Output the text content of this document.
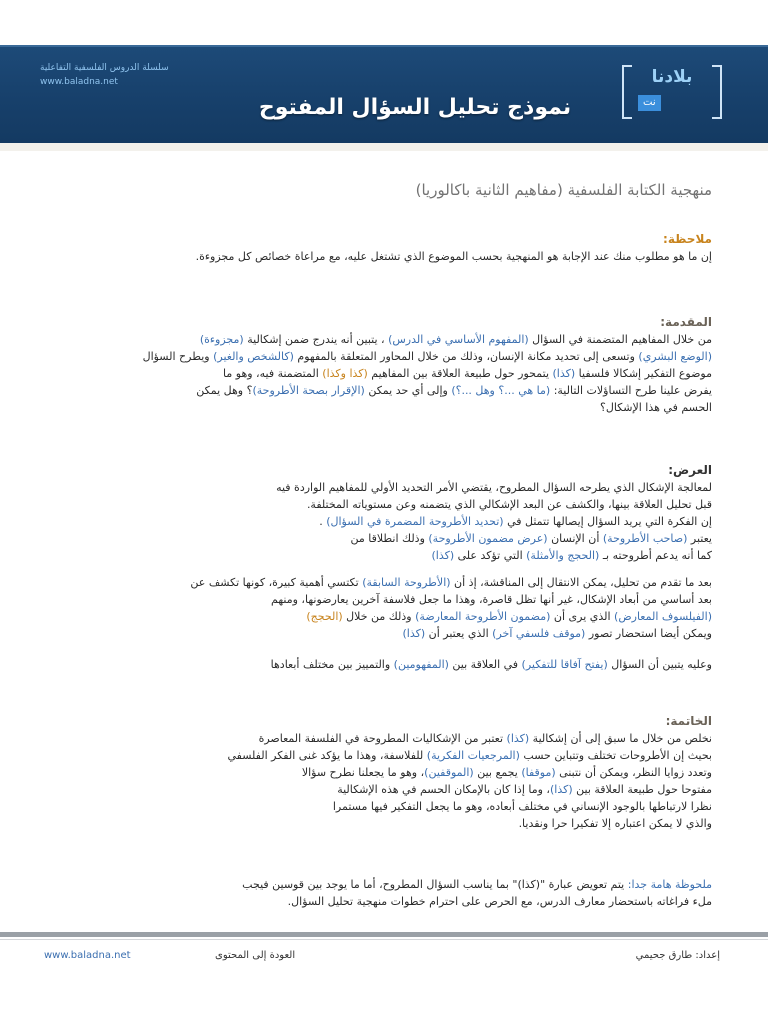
سلسلة الدروس الفلسفية التفاعلية
www.baladna.net
نموذج تحليل السؤال المفتوح
بلادنا
نت
منهجية الكتابة الفلسفية (مفاهيم الثانية باكالوريا)
ملاحظة:
إن ما هو مطلوب منك عند الإجابة هو المنهجية بحسب الموضوع الذي تشتغل عليه، مع مراعاة خصائص كل مجزوءة.
المقدمة:
من خلال المفاهيم المتضمنة في السؤال (المفهوم الأساسي في الدرس) ، يتبين أنه يندرج ضمن إشكالية (مجزوءة)
(الوضع البشري) وتسعى إلى تحديد مكانة الإنسان، وذلك من خلال المحاور المتعلقة بالمفهوم (كالشخص والغير) ويطرح السؤال
موضوع التفكير إشكالا فلسفيا (كذا) يتمحور حول طبيعة العلاقة بين المفاهيم (كذا وكذا) المتضمنة فيه، وهو ما
يفرض علينا طرح التساؤلات التالية: (ما هي ...؟ وهل ...؟) وإلى أي حد يمكن (الإقرار بصحة الأطروحة)؟ وهل يمكن
الحسم في هذا الإشكال؟
العرض:
لمعالجة الإشكال الذي يطرحه السؤال المطروح، يقتضي الأمر التحديد الأولي للمفاهيم الواردة فيه
قبل تحليل العلاقة بينها، والكشف عن البعد الإشكالي الذي يتضمنه وعن مستوياته المختلفة.
إن الفكرة التي يريد السؤال إيصالها تتمثل في (تحديد الأطروحة المضمرة في السؤال) .
يعتبر (صاحب الأطروحة) أن الإنسان (عرض مضمون الأطروحة) وذلك انطلاقا من
كما أنه يدعم أطروحته بـ (الحجج والأمثلة) التي تؤكد على (كذا)
بعد ما تقدم من تحليل، يمكن الانتقال إلى المناقشة، إذ أن (الأطروحة السابقة) تكتسي أهمية كبيرة، كونها تكشف عن
بعد أساسي من أبعاد الإشكال، غير أنها تظل قاصرة، وهذا ما جعل فلاسفة آخرين يعارضونها، ومنهم
(الفيلسوف المعارض) الذي يرى أن (مضمون الأطروحة المعارضة) وذلك من خلال (الحجج)
ويمكن أيضا استحضار تصور (موقف فلسفي آخر) الذي يعتبر أن (كذا)
وعليه يتبين أن السؤال (يفتح آفاقا للتفكير) في العلاقة بين (المفهومين) والتمييز بين مختلف أبعادها
الخاتمة:
نخلص من خلال ما سبق إلى أن إشكالية (كذا) تعتبر من الإشكاليات المطروحة في الفلسفة المعاصرة
بحيث إن الأطروحات تختلف وتتباين حسب (المرجعيات الفكرية) للفلاسفة، وهذا ما يؤكد غنى الفكر الفلسفي
وتعدد زوايا النظر، ويمكن أن نتبنى (موقفا) يجمع بين (الموقفين)، وهو ما يجعلنا نطرح سؤالا
مفتوحا حول طبيعة العلاقة بين (كذا)، وما إذا كان بالإمكان الحسم في هذه الإشكالية
نظرا لارتباطها بالوجود الإنساني في مختلف أبعاده، وهو ما يجعل التفكير فيها مستمرا
والذي لا يمكن اعتباره إلا تفكيرا حرا ونقديا.
ملحوظة هامة جدا: يتم تعويض عبارة "(كذا)" بما يناسب السؤال المطروح، أما ما يوجد بين قوسين فيجب
ملء فراغاته باستحضار معارف الدرس، مع الحرص على احترام خطوات منهجية تحليل السؤال.
إعداد: طارق جحيمي
العودة إلى المحتوى
www.baladna.net
